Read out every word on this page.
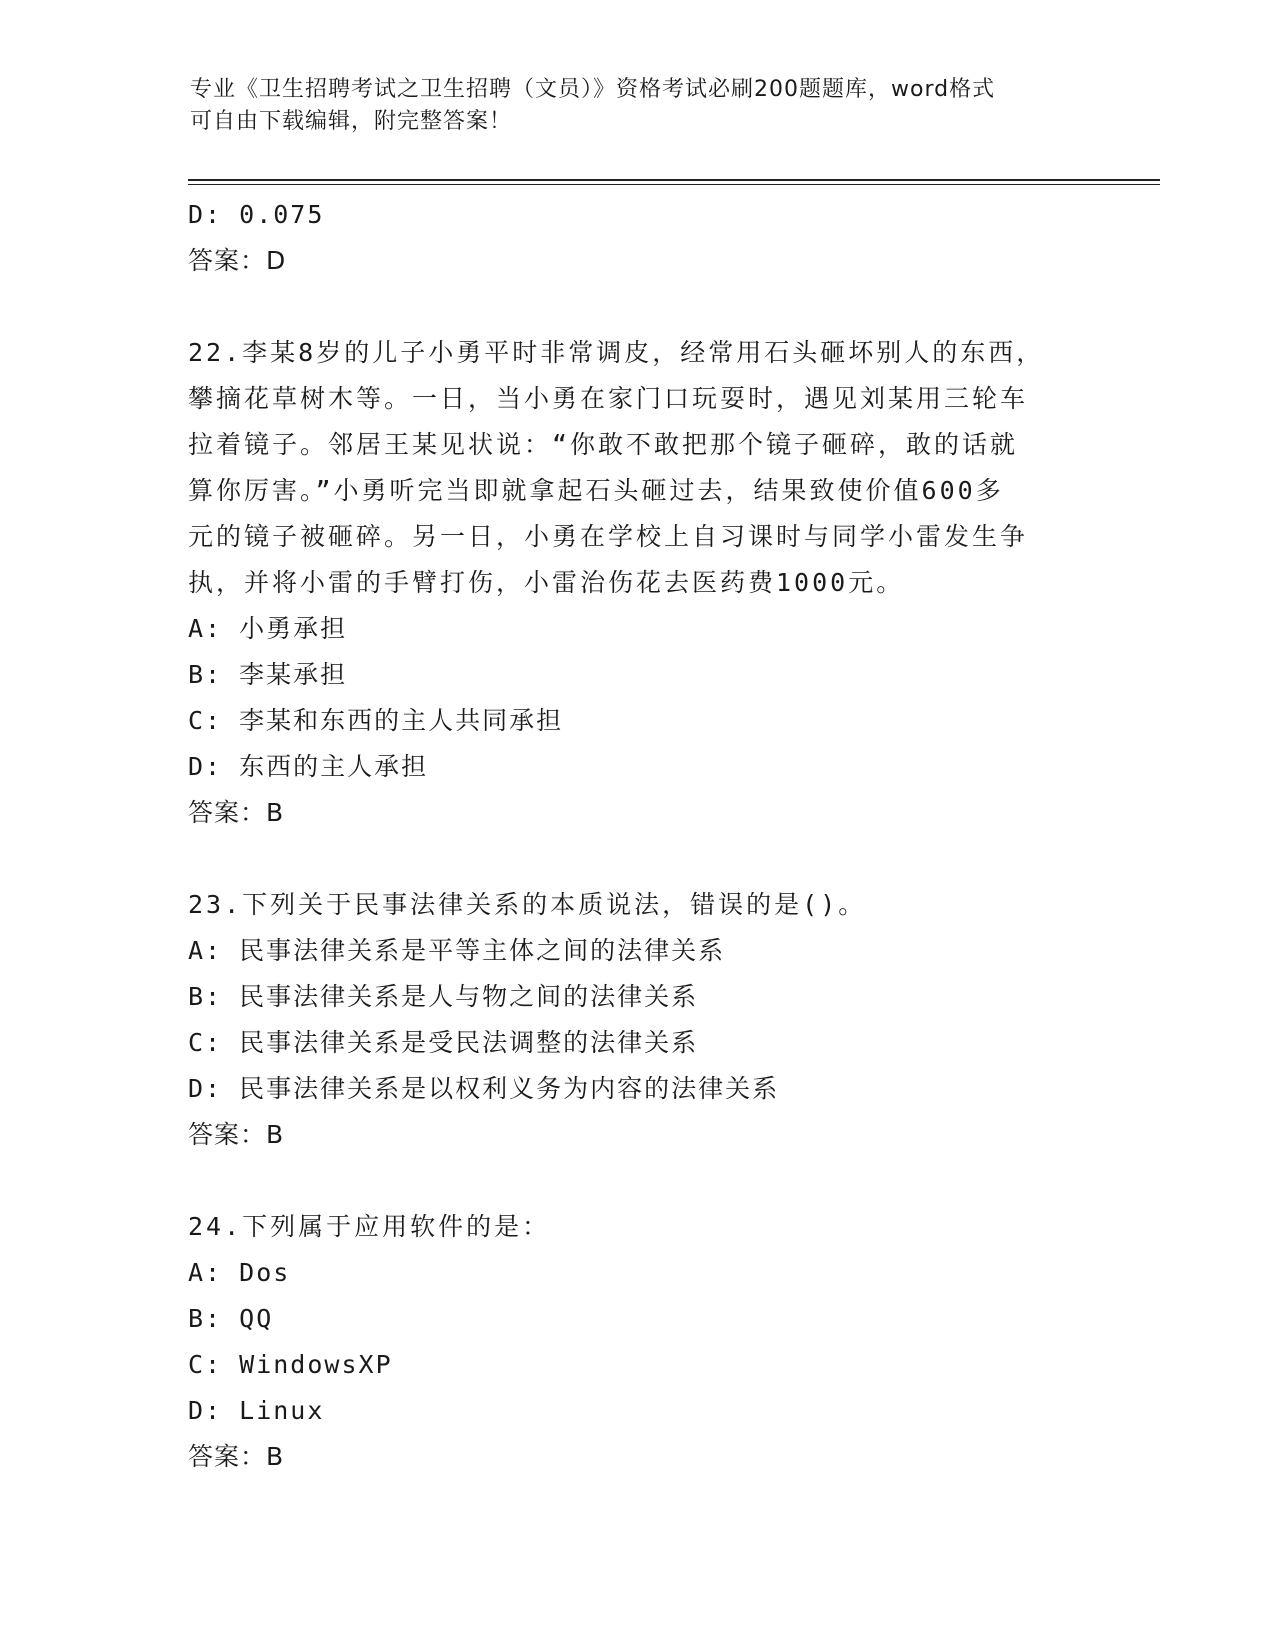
专业《卫生招聘考试之卫生招聘（文员）》资格考试必刷200题题库，word格式
可自由下载编辑，附完整答案！
D: 0.075
答案：D
22.李某8岁的儿子小勇平时非常调皮，经常用石头砸坏别人的东西，
攀摘花草树木等。一日，当小勇在家门口玩耍时，遇见刘某用三轮车
拉着镜子。邻居王某见状说：“你敢不敢把那个镜子砸碎，敢的话就
算你厉害。”小勇听完当即就拿起石头砸过去，结果致使价值600多
元的镜子被砸碎。另一日，小勇在学校上自习课时与同学小雷发生争
执，并将小雷的手臂打伤，小雷治伤花去医药费1000元。
A: 小勇承担
B: 李某承担
C: 李某和东西的主人共同承担
D: 东西的主人承担
答案：B
23.下列关于民事法律关系的本质说法，错误的是()。
A: 民事法律关系是平等主体之间的法律关系
B: 民事法律关系是人与物之间的法律关系
C: 民事法律关系是受民法调整的法律关系
D: 民事法律关系是以权利义务为内容的法律关系
答案：B
24.下列属于应用软件的是：
A: Dos
B: QQ
C: WindowsXP
D: Linux
答案：B
